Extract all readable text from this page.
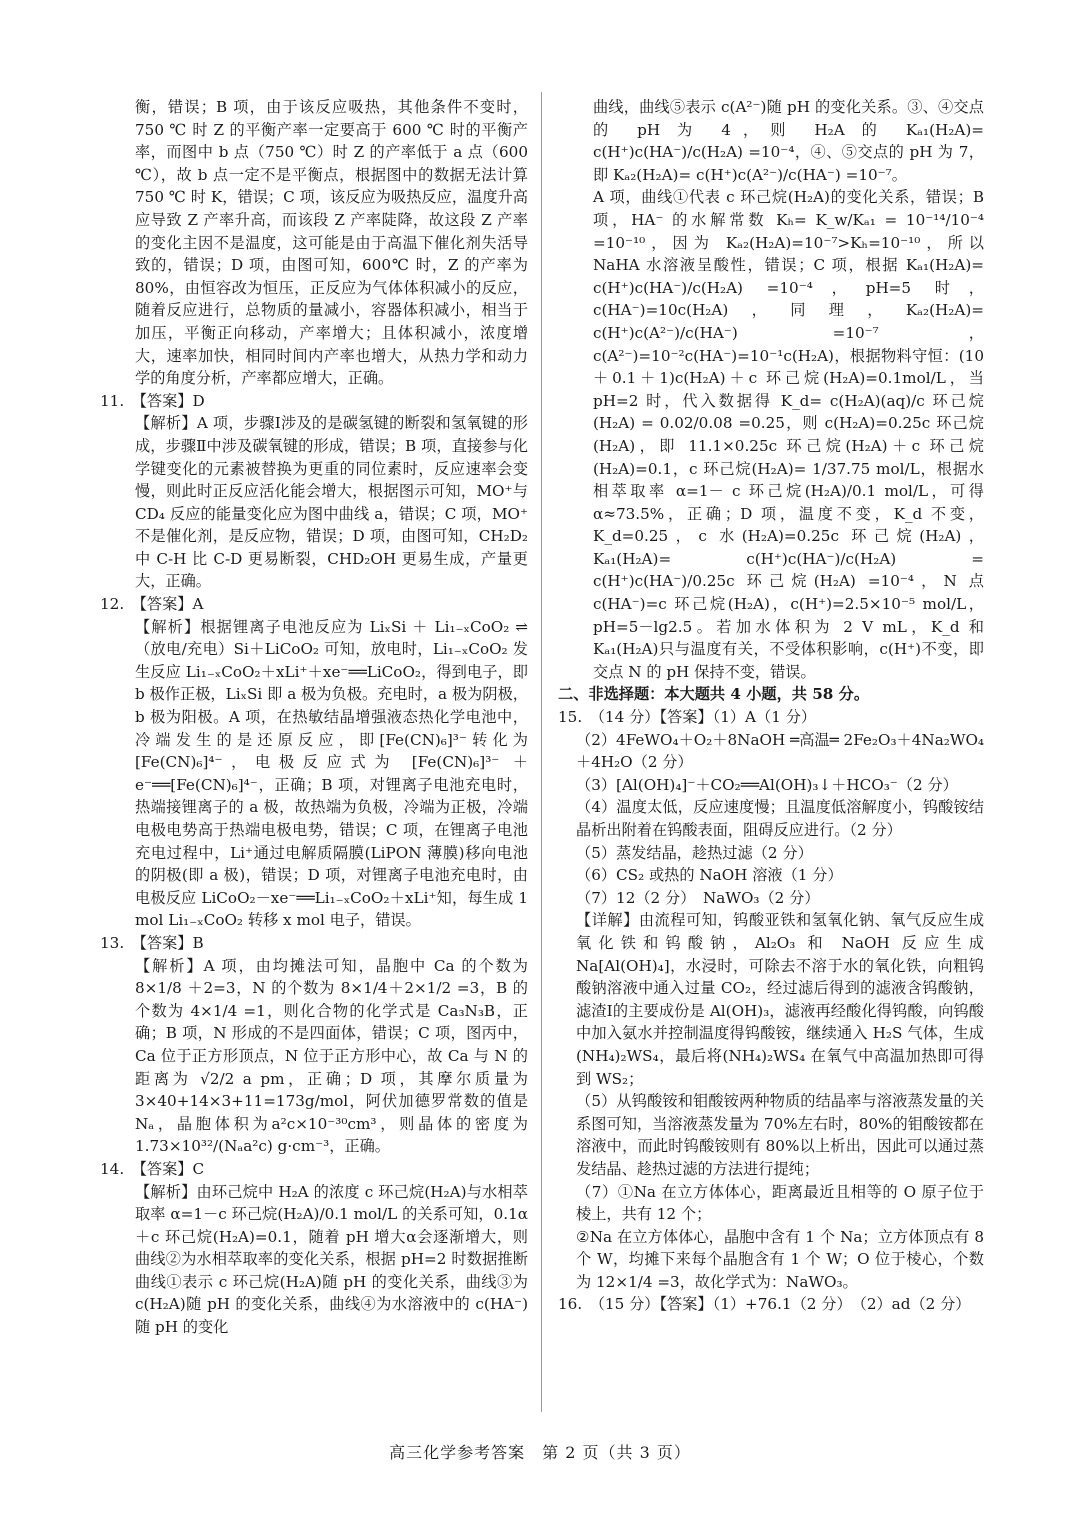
衡，错误；B 项，由于该反应吸热，其他条件不变时，750 ℃ 时 Z 的平衡产率一定要高于 600 ℃ 时的平衡产率，而图中 b 点（750 ℃）时 Z 的产率低于 a 点（600 ℃），故 b 点一定不是平衡点，根据图中的数据无法计算 750 ℃ 时 K，错误；C 项，该反应为吸热反应，温度升高应导致 Z 产率升高，而该段 Z 产率陡降，故这段 Z 产率的变化主因不是温度，这可能是由于高温下催化剂失活导致的，错误；D 项，由图可知，600℃ 时，Z 的产率为 80%，由恒容改为恒压，正反应为气体体积减小的反应，随着反应进行，总物质的量减小，容器体积减小，相当于加压，平衡正向移动，产率增大；且体积减小，浓度增大，速率加快，相同时间内产率也增大，从热力学和动力学的角度分析，产率都应增大，正确。

11.　【答案】D

【解析】A 项，步骤Ⅰ涉及的是碳氢键的断裂和氢氧键的形成，步骤Ⅱ中涉及碳氧键的形成，错误；B 项，直接参与化学键变化的元素被替换为更重的同位素时，反应速率会变慢，则此时正反应活化能会增大，根据图示可知，MO⁺与 CD₄ 反应的能量变化应为图中曲线 a，错误；C 项，MO⁺不是催化剂，是反应物，错误；D 项，由图可知，CH₂D₂ 中 C-H 比 C-D 更易断裂，CHD₂OH 更易生成，产量更大，正确。

12.　【答案】A

【解析】根据锂离子电池反应为 LiₓSi ＋ Li₁₋ₓCoO₂ ⇌（放电/充电）Si＋LiCoO₂ 可知，放电时，Li₁₋ₓCoO₂ 发生反应 Li₁₋ₓCoO₂＋xLi⁺＋xe⁻══LiCoO₂，得到电子，即 b 极作正极，LiₓSi 即 a 极为负极。充电时，a 极为阴极，b 极为阳极。A 项，在热敏结晶增强液态热化学电池中，冷端发生的是还原反应，即[Fe(CN)₆]³⁻转化为[Fe(CN)₆]⁴⁻，电极反应式为 [Fe(CN)₆]³⁻ ＋ e⁻══[Fe(CN)₆]⁴⁻，正确；B 项，对锂离子电池充电时，热端接锂离子的 a 极，故热端为负极，冷端为正极，冷端电极电势高于热端电极电势，错误；C 项，在锂离子电池充电过程中，Li⁺通过电解质隔膜(LiPON 薄膜)移向电池的阴极(即 a 极)，错误；D 项，对锂离子电池充电时，由电极反应 LiCoO₂－xe⁻══Li₁₋ₓCoO₂＋xLi⁺知，每生成 1 mol Li₁₋ₓCoO₂ 转移 x mol 电子，错误。

13.　【答案】B

【解析】A 项，由均摊法可知，晶胞中 Ca 的个数为 8×1/8 ＋2=3，N 的个数为 8×1/4＋2×1/2 =3，B 的个数为 4×1/4 =1，则化合物的化学式是 Ca₃N₃B，正确；B 项，N 形成的不是四面体，错误；C 项，图丙中，Ca 位于正方形顶点，N 位于正方形中心，故 Ca 与 N 的距离为 √2/2 a pm，正确；D 项，其摩尔质量为 3×40+14×3+11=173g/mol，阿伏加德罗常数的值是 Nₐ，晶胞体积为a²c×10⁻³⁰cm³，则晶体的密度为 1.73×10³²/(Nₐa²c) g·cm⁻³，正确。

14.　【答案】C

【解析】由环己烷中 H₂A 的浓度 c 环己烷(H₂A)与水相萃取率 α=1－c 环己烷(H₂A)/0.1 mol/L 的关系可知，0.1α＋c 环己烷(H₂A)=0.1，随着 pH 增大α会逐渐增大，则曲线②为水相萃取率的变化关系，根据 pH=2 时数据推断曲线①表示 c 环己烷(H₂A)随 pH 的变化关系，曲线③为 c(H₂A)随 pH 的变化关系，曲线④为水溶液中的 c(HA⁻)随 pH 的变化

曲线，曲线⑤表示 c(A²⁻)随 pH 的变化关系。③、④交点的 pH 为 4，则 H₂A 的 Kₐ₁(H₂A)= c(H⁺)c(HA⁻)/c(H₂A) =10⁻⁴，④、⑤交点的 pH 为 7，即 Kₐ₂(H₂A)= c(H⁺)c(A²⁻)/c(HA⁻) =10⁻⁷。

A 项，曲线①代表 c 环己烷(H₂A)的变化关系，错误；B 项，HA⁻ 的水解常数 Kₕ= K_w/Kₐ₁ = 10⁻¹⁴/10⁻⁴ =10⁻¹⁰，因为 Kₐ₂(H₂A)=10⁻⁷>Kₕ=10⁻¹⁰，所以 NaHA 水溶液呈酸性，错误；C 项，根据 Kₐ₁(H₂A)= c(H⁺)c(HA⁻)/c(H₂A) =10⁻⁴，pH=5 时，c(HA⁻)=10c(H₂A)，同理，Kₐ₂(H₂A)= c(H⁺)c(A²⁻)/c(HA⁻) =10⁻⁷，c(A²⁻)=10⁻²c(HA⁻)=10⁻¹c(H₂A)，根据物料守恒：(10＋0.1＋1)c(H₂A)＋c 环己烷(H₂A)=0.1mol/L，当 pH=2 时，代入数据得 K_d= c(H₂A)(aq)/c 环己烷(H₂A) = 0.02/0.08 =0.25，则 c(H₂A)=0.25c 环己烷(H₂A)，即 11.1×0.25c 环己烷(H₂A)＋c 环己烷(H₂A)=0.1，c 环己烷(H₂A)= 1/37.75 mol/L，根据水相萃取率 α=1－ c 环己烷(H₂A)/0.1 mol/L，可得α≈73.5%，正确；D 项，温度不变，K_d 不变，K_d=0.25，c 水(H₂A)=0.25c 环己烷(H₂A)，Kₐ₁(H₂A)= c(H⁺)c(HA⁻)/c(H₂A) = c(H⁺)c(HA⁻)/0.25c 环己烷(H₂A) =10⁻⁴，N 点 c(HA⁻)=c 环己烷(H₂A)，c(H⁺)=2.5×10⁻⁵ mol/L，pH=5－lg2.5。若加水体积为 2 V mL，K_d 和 Kₐ₁(H₂A)只与温度有关，不受体积影响，c(H⁺)不变，即交点 N 的 pH 保持不变，错误。

二、非选择题：本大题共 4 小题，共 58 分。

15.　（14 分）【答案】（1）A（1 分）

（2）4FeWO₄＋O₂＋8NaOH ═高温═ 2Fe₂O₃＋4Na₂WO₄ ＋4H₂O（2 分）

（3）[Al(OH)₄]⁻＋CO₂══Al(OH)₃↓＋HCO₃⁻（2 分）

（4）温度太低，反应速度慢；且温度低溶解度小，钨酸铵结晶析出附着在钨酸表面，阻碍反应进行。（2 分）

（5）蒸发结晶，趁热过滤（2 分）

（6）CS₂ 或热的 NaOH 溶液（1 分）

（7）12（2 分）　NaWO₃（2 分）

【详解】由流程可知，钨酸亚铁和氢氧化钠、氧气反应生成氧化铁和钨酸钠，Al₂O₃ 和 NaOH 反应生成 Na[Al(OH)₄]，水浸时，可除去不溶于水的氧化铁，向粗钨酸钠溶液中通入过量 CO₂，经过滤后得到的滤液含钨酸钠，滤渣Ⅰ的主要成份是 Al(OH)₃，滤液再经酸化得钨酸，向钨酸中加入氨水并控制温度得钨酸铵，继续通入 H₂S 气体，生成(NH₄)₂WS₄，最后将(NH₄)₂WS₄ 在氧气中高温加热即可得到 WS₂；

（5）从钨酸铵和钼酸铵两种物质的结晶率与溶液蒸发量的关系图可知，当溶液蒸发量为 70%左右时，80%的钼酸铵都在溶液中，而此时钨酸铵则有 80%以上析出，因此可以通过蒸发结晶、趁热过滤的方法进行提纯；

（7）①Na 在立方体体心，距离最近且相等的 O 原子位于棱上，共有 12 个；

②Na 在立方体体心，晶胞中含有 1 个 Na；立方体顶点有 8 个 W，均摊下来每个晶胞含有 1 个 W；O 位于棱心，个数为 12×1/4 =3，故化学式为：NaWO₃。

16.　（15 分）【答案】（1）+76.1（2 分）　（2）ad（2 分）

高三化学参考答案　第 2 页（共 3 页）
